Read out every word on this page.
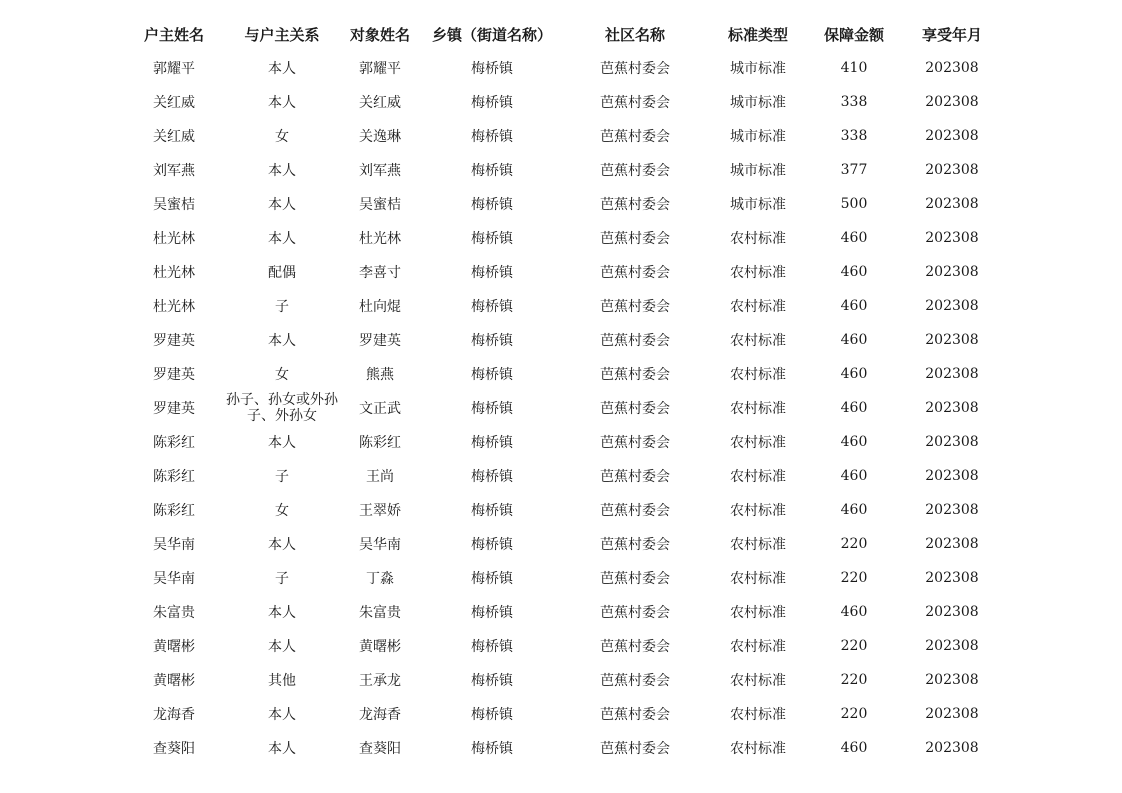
户主姓名	与户主关系	对象姓名	乡镇（街道名称）	社区名称	标准类型	保障金额	享受年月
郭耀平	本人	郭耀平	梅桥镇	芭蕉村委会	城市标准	410	202308
关红威	本人	关红威	梅桥镇	芭蕉村委会	城市标准	338	202308
关红威	女	关逸琳	梅桥镇	芭蕉村委会	城市标准	338	202308
刘军燕	本人	刘军燕	梅桥镇	芭蕉村委会	城市标准	377	202308
吴蜜桔	本人	吴蜜桔	梅桥镇	芭蕉村委会	城市标准	500	202308
杜光林	本人	杜光林	梅桥镇	芭蕉村委会	农村标准	460	202308
杜光林	配偶	李喜寸	梅桥镇	芭蕉村委会	农村标准	460	202308
杜光林	子	杜向焜	梅桥镇	芭蕉村委会	农村标准	460	202308
罗建英	本人	罗建英	梅桥镇	芭蕉村委会	农村标准	460	202308
罗建英	女	熊燕	梅桥镇	芭蕉村委会	农村标准	460	202308
罗建英	孙子、孙女或外孙子、外孙女	文正武	梅桥镇	芭蕉村委会	农村标准	460	202308
陈彩红	本人	陈彩红	梅桥镇	芭蕉村委会	农村标准	460	202308
陈彩红	子	王尚	梅桥镇	芭蕉村委会	农村标准	460	202308
陈彩红	女	王翠娇	梅桥镇	芭蕉村委会	农村标准	460	202308
吴华南	本人	吴华南	梅桥镇	芭蕉村委会	农村标准	220	202308
吴华南	子	丁淼	梅桥镇	芭蕉村委会	农村标准	220	202308
朱富贵	本人	朱富贵	梅桥镇	芭蕉村委会	农村标准	460	202308
黄曙彬	本人	黄曙彬	梅桥镇	芭蕉村委会	农村标准	220	202308
黄曙彬	其他	王承龙	梅桥镇	芭蕉村委会	农村标准	220	202308
龙海香	本人	龙海香	梅桥镇	芭蕉村委会	农村标准	220	202308
查葵阳	本人	查葵阳	梅桥镇	芭蕉村委会	农村标准	460	202308
